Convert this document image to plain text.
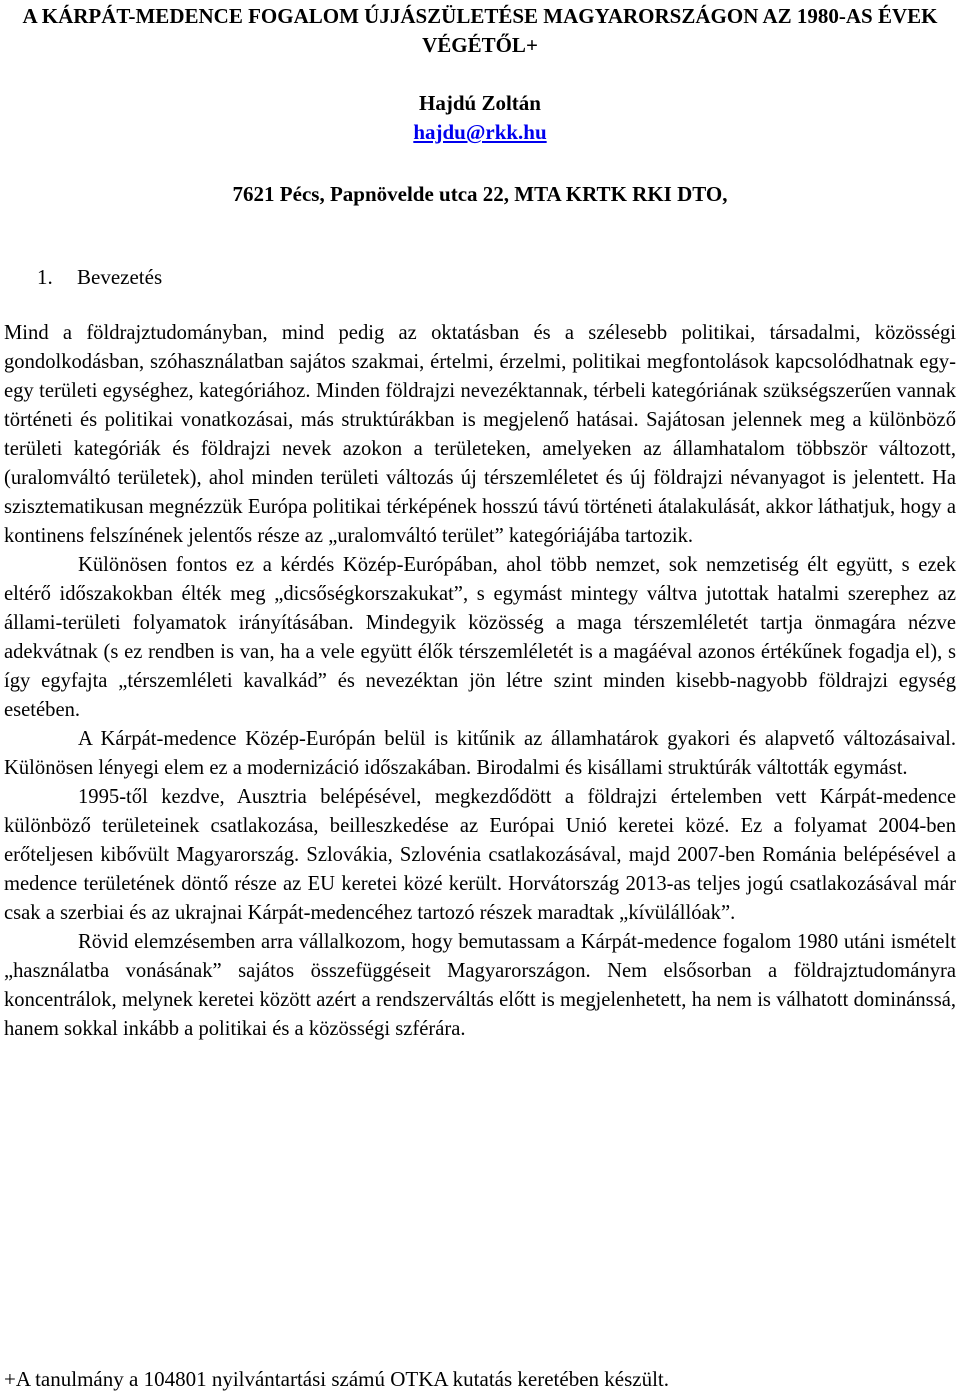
A KÁRPÁT-MEDENCE FOGALOM ÚJJÁSZÜLETÉSE MAGYARORSZÁGON AZ 1980-AS ÉVEK VÉGÉTŐL+
Hajdú Zoltán
hajdu@rkk.hu
7621 Pécs, Papnövelde utca 22, MTA KRTK RKI DTO,
1. Bevezetés

Mind a földrajztudományban, mind pedig az oktatásban és a szélesebb politikai, társadalmi, közösségi gondolkodásban, szóhasználatban sajátos szakmai, értelmi, érzelmi, politikai megfontolások kapcsolódhatnak egy-egy területi egységhez, kategóriához. Minden földrajzi nevezéktannak, térbeli kategóriának szükségszerűen vannak történeti és politikai vonatkozásai, más struktúrákban is megjelenő hatásai. Sajátosan jelennek meg a különböző területi kategóriák és földrajzi nevek azokon a területeken, amelyeken az államhatalom többször változott, (uralomváltó területek), ahol minden területi változás új térszemléletet és új földrajzi névanyagot is jelentett. Ha szisztematikusan megnézzük Európa politikai térképének hosszú távú történeti átalakulását, akkor láthatjuk, hogy a kontinens felszínének jelentős része az „uralomváltó terület” kategóriájába tartozik.

Különösen fontos ez a kérdés Közép-Európában, ahol több nemzet, sok nemzetiség élt együtt, s ezek eltérő időszakokban élték meg „dicsőségkorszakukat”, s egymást mintegy váltva jutottak hatalmi szerephez az állami-területi folyamatok irányításában. Mindegyik közösség a maga térszemléletét tartja önmagára nézve adekvátnak (s ez rendben is van, ha a vele együtt élők térszemléletét is a magáéval azonos értékűnek fogadja el), s így egyfajta „térszemléleti kavalkád” és nevezéktan jön létre szint minden kisebb-nagyobb földrajzi egység esetében.

A Kárpát-medence Közép-Európán belül is kitűnik az államhatárok gyakori és alapvető változásaival. Különösen lényegi elem ez a modernizáció időszakában. Birodalmi és kisállami struktúrák váltották egymást.

1995-től kezdve, Ausztria belépésével, megkezdődött a földrajzi értelemben vett Kárpát-medence különböző területeinek csatlakozása, beilleszkedése az Európai Unió keretei közé. Ez a folyamat 2004-ben erőteljesen kibővült Magyarország. Szlovákia, Szlovénia csatlakozásával, majd 2007-ben Románia belépésével a medence területének döntő része az EU keretei közé került. Horvátország 2013-as teljes jogú csatlakozásával már csak a szerbiai és az ukrajnai Kárpát-medencéhez tartozó részek maradtak „kívülállóak”.

Rövid elemzésemben arra vállalkozom, hogy bemutassam a Kárpát-medence fogalom 1980 utáni ismételt „használatba vonásának” sajátos összefüggéseit Magyarországon. Nem elsősorban a földrajztudományra koncentrálok, melynek keretei között azért a rendszerváltás előtt is megjelenhetett, ha nem is válhatott dominánssá, hanem sokkal inkább a politikai és a közösségi szférára.

+A tanulmány a 104801 nyilvántartási számú OTKA kutatás keretében készült.
